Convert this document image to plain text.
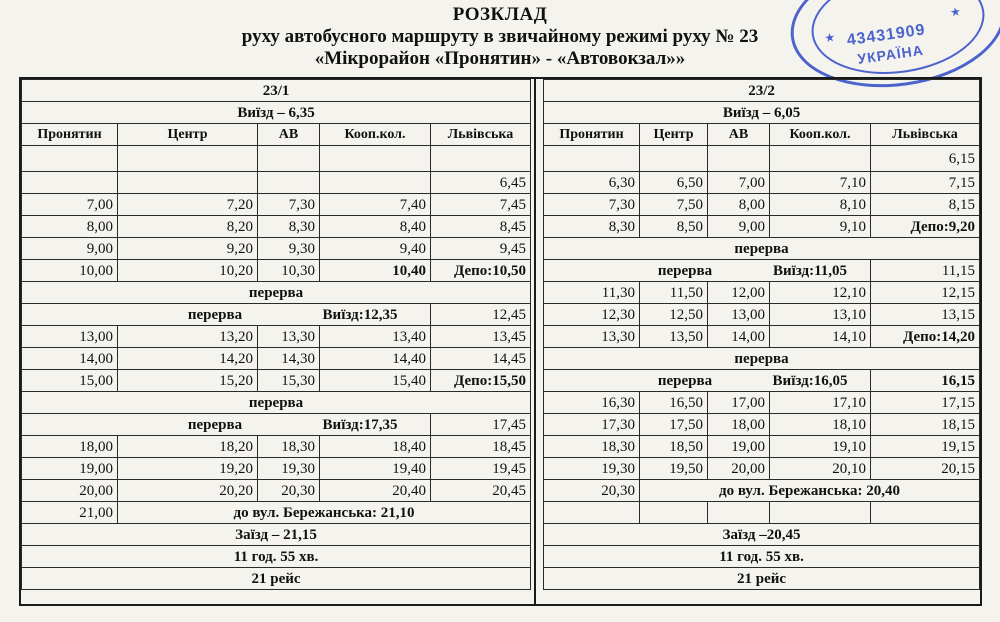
РОЗКЛАД
руху автобусного маршруту в звичайному режимі руху № 23
«Мікрорайон «Пронятин» - «Автовокзал»»
★
★
43431909
УКРАЇНА
23/1				
Виїзд – 6,35				
Пронятин	Центр	АВ	Кооп.кол.	Львівська

				6,45
7,00	7,20	7,30	7,40	7,45
8,00	8,20	8,30	8,40	8,45
9,00	9,20	9,30	9,40	9,45
10,00	10,20	10,30	10,40	Депо:10,50
перерва				
перерва Виїзд:12,35				12,45
13,00	13,20	13,30	13,40	13,45
14,00	14,20	14,30	14,40	14,45
15,00	15,20	15,30	15,40	Депо:15,50
перерва				
перерва Виїзд:17,35				17,45
18,00	18,20	18,30	18,40	18,45
19,00	19,20	19,30	19,40	19,45
20,00	20,20	20,30	20,40	20,45
21,00	до вул. Бережанська: 21,10			
Заїзд – 21,15				
11 год. 55 хв.				
21 рейс				
23/2				
Виїзд – 6,05				
Пронятин	Центр	АВ	Кооп.кол.	Львівська
				6,15
6,30	6,50	7,00	7,10	7,15
7,30	7,50	8,00	8,10	8,15
8,30	8,50	9,00	9,10	Депо:9,20
перерва				
перерва Виїзд:11,05				11,15
11,30	11,50	12,00	12,10	12,15
12,30	12,50	13,00	13,10	13,15
13,30	13,50	14,00	14,10	Депо:14,20
перерва				
перерва Виїзд:16,05				16,15
16,30	16,50	17,00	17,10	17,15
17,30	17,50	18,00	18,10	18,15
18,30	18,50	19,00	19,10	19,15
19,30	19,50	20,00	20,10	20,15
20,30	до вул. Бережанська: 20,40			

Заїзд –20,45				
11 год. 55 хв.				
21 рейс				
